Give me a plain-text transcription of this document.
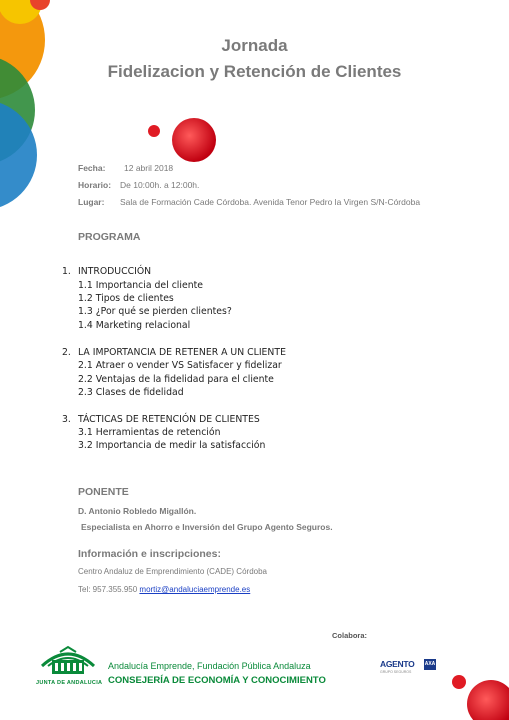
Jornada
Fidelizacion y Retención de Clientes
Fecha: 12 abril 2018
Horario: De 10:00h. a 12:00h.
Lugar: Sala de Formación Cade Córdoba. Avenida Tenor Pedro la Virgen S/N-Córdoba
PROGRAMA
1. INTRODUCCIÓN
1.1 Importancia del cliente
1.2 Tipos de clientes
1.3 ¿Por qué se pierden clientes?
1.4 Marketing relacional
2. LA IMPORTANCIA DE RETENER A UN CLIENTE
2.1 Atraer o vender VS Satisfacer y fidelizar
2.2 Ventajas de la fidelidad para el cliente
2.3 Clases de fidelidad
3. TÁCTICAS DE RETENCIÓN DE CLIENTES
3.1 Herramientas de retención
3.2 Importancia de medir la satisfacción
PONENTE
D. Antonio Robledo Migallón.
Especialista en Ahorro e Inversión del Grupo Agento Seguros.
Información e inscripciones:
Centro Andaluz de Emprendimiento (CADE) Córdoba
Tel: 957.355.950 mortiz@andaluciaemprende.es
Colabora:
JUNTA DE ANDALUCIA
Andalucía Emprende, Fundación Pública Andaluza
CONSEJERÍA DE ECONOMÍA Y CONOCIMIENTO
AGENTO
GRUPO SEGUROS
AXA
